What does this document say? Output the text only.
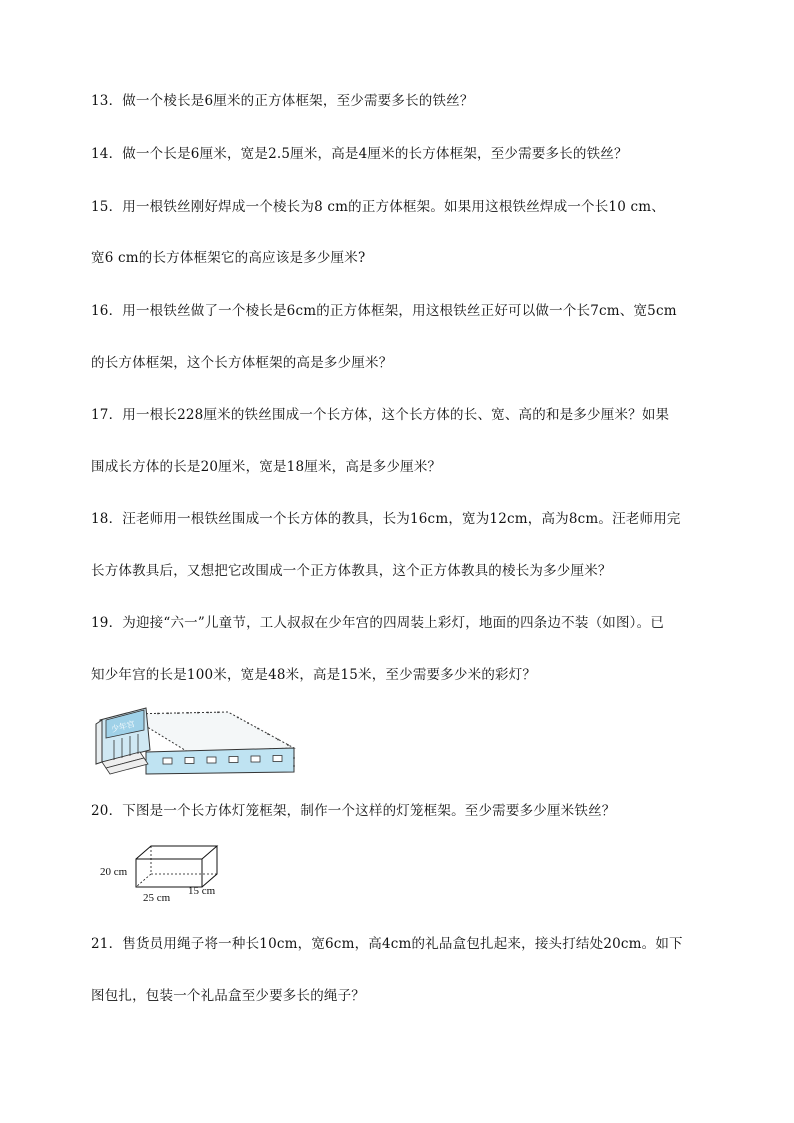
13．做一个棱长是6厘米的正方体框架，至少需要多长的铁丝？
14．做一个长是6厘米，宽是2.5厘米，高是4厘米的长方体框架，至少需要多长的铁丝？
15．用一根铁丝刚好焊成一个棱长为8 cm的正方体框架。如果用这根铁丝焊成一个长10 cm、
宽6 cm的长方体框架它的高应该是多少厘米?
16．用一根铁丝做了一个棱长是6cm的正方体框架，用这根铁丝正好可以做一个长7cm、宽5cm
的长方体框架，这个长方体框架的高是多少厘米？
17．用一根长228厘米的铁丝围成一个长方体，这个长方体的长、宽、高的和是多少厘米？如果
围成长方体的长是20厘米，宽是18厘米，高是多少厘米？
18．汪老师用一根铁丝围成一个长方体的教具，长为16cm，宽为12cm，高为8cm。汪老师用完
长方体教具后，又想把它改围成一个正方体教具，这个正方体教具的棱长为多少厘米？
19．为迎接“六一”儿童节，工人叔叔在少年宫的四周装上彩灯，地面的四条边不装（如图）。已
知少年宫的长是100米，宽是48米，高是15米，至少需要多少米的彩灯？
少年宫
20．下图是一个长方体灯笼框架，制作一个这样的灯笼框架。至少需要多少厘米铁丝？
20 cm
25 cm
15 cm
21．售货员用绳子将一种长10cm，宽6cm，高4cm的礼品盒包扎起来，接头打结处20cm。如下
图包扎，包装一个礼品盒至少要多长的绳子？
